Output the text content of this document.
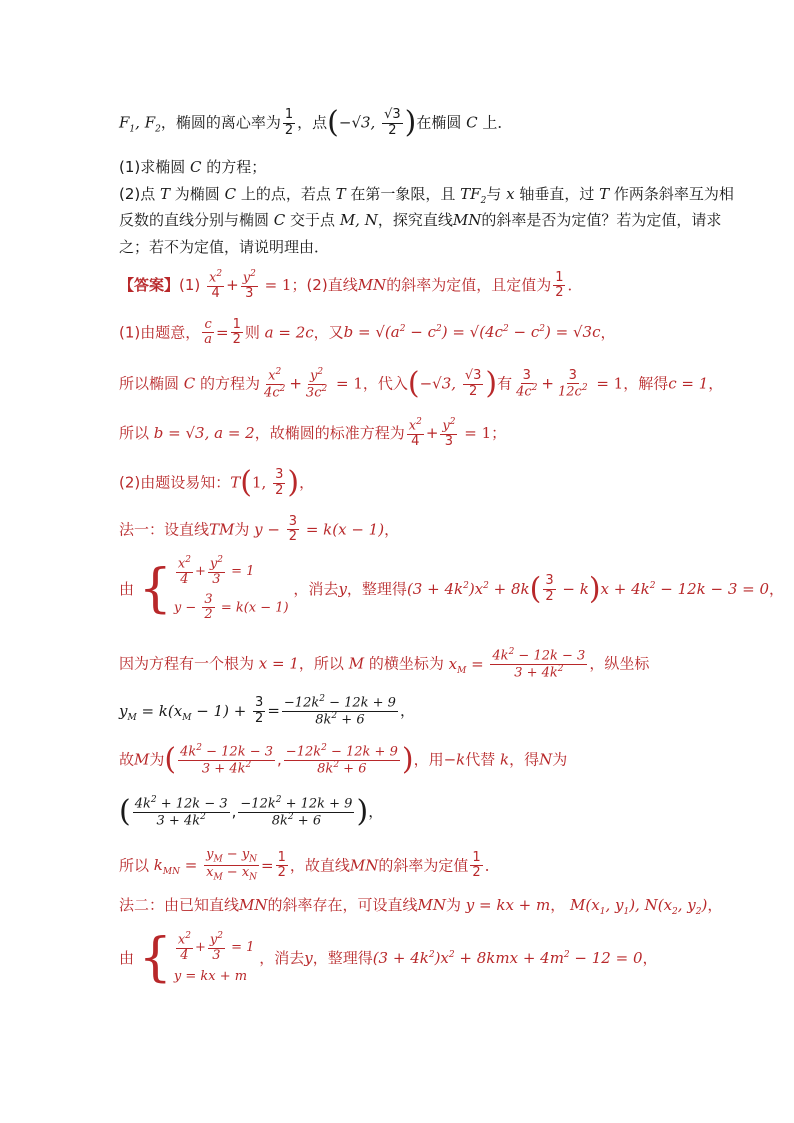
$F_1$, $F_2$，椭圆的离心率为 $\frac{1}{2}$ ，点(−√3, $\frac{√3}{2}$ )在椭圆 C 上．
(1)求椭圆 C 的方程；
(2)点 T 为椭圆 C 上的点，若点 T 在第一象限，且 $TF_2$与 x 轴垂直，过 T 作两条斜率互为相
反数的直线分别与椭圆 C 交于点 M, N，探究直线MN的斜率是否为定值？若为定值，请求
之；若不为定值，请说明理由．
【答案】$(1) \frac{x^2}{4} + \frac{y^2}{3} = 1$；(2)直线MN的斜率为定值，且定值为 $\frac{1}{2}$ ．
(1)由题意， $\frac{c}{a} = \frac{1}{2}$ 则 a = 2c，又$b = √(a^2 - c^2) = √(4c^2 - c^2) = √3c$，
所以椭圆 C 的方程为 $\frac{x^2}{4c^2} + \frac{y^2}{3c^2} = 1$，代入(−√3, $\frac{√3}{2}$ )有 $\frac{3}{4c^2} + \frac{3}{12c^2} = 1$，解得c = 1，
所以 b = √3, a = 2，故椭圆的标准方程为 $\frac{x^2}{4} + \frac{y^2}{3} = 1$；
(2)由题设易知：T(1, $\frac{3}{2}$ )，
法一：设直线TM为 $y - \frac{3}{2} = k(x - 1)$，
由 { $\frac{x^2}{4} + \frac{y^2}{3} = 1$
$y - \frac{3}{2} = k(x - 1)$
，消去y，整理得$(3 + 4k^2)x^2 + 8k( \frac{3}{2} - k)x + 4k^2 - 12k - 3 = 0$，
因为方程有一个根为 x = 1，所以 M 的横坐标为 $x_M = \frac{4k^2 - 12k - 3}{3 + 4k^2}$ ，纵坐标
$y_M = k(x_M - 1) + \frac{3}{2} = \frac{-12k^2 - 12k + 9}{8k^2 + 6}$ ，
故M为( $\frac{4k^2 - 12k - 3}{3 + 4k^2}$ , $\frac{-12k^2 - 12k + 9}{8k^2 + 6}$ )，用−k代替 k，得N为
( $\frac{4k^2 + 12k - 3}{3 + 4k^2}$ , $\frac{-12k^2 + 12k + 9}{8k^2 + 6}$ )，
所以 $k_{MN} = \frac{y_M - y_N}{x_M - x_N} = \frac{1}{2}$ ，故直线MN的斜率为定值 $\frac{1}{2}$ ．
法二：由已知直线MN的斜率存在，可设直线MN为 y = kx + m， $M(x_1$, $y_1$), $N(x_2$, $y_2$)，
由 { $\frac{x^2}{4} + \frac{y^2}{3} = 1$
y = kx + m
，消去y，整理得$(3 + 4k^2)x^2 + 8kmx + 4m^2 - 12 = 0$，
